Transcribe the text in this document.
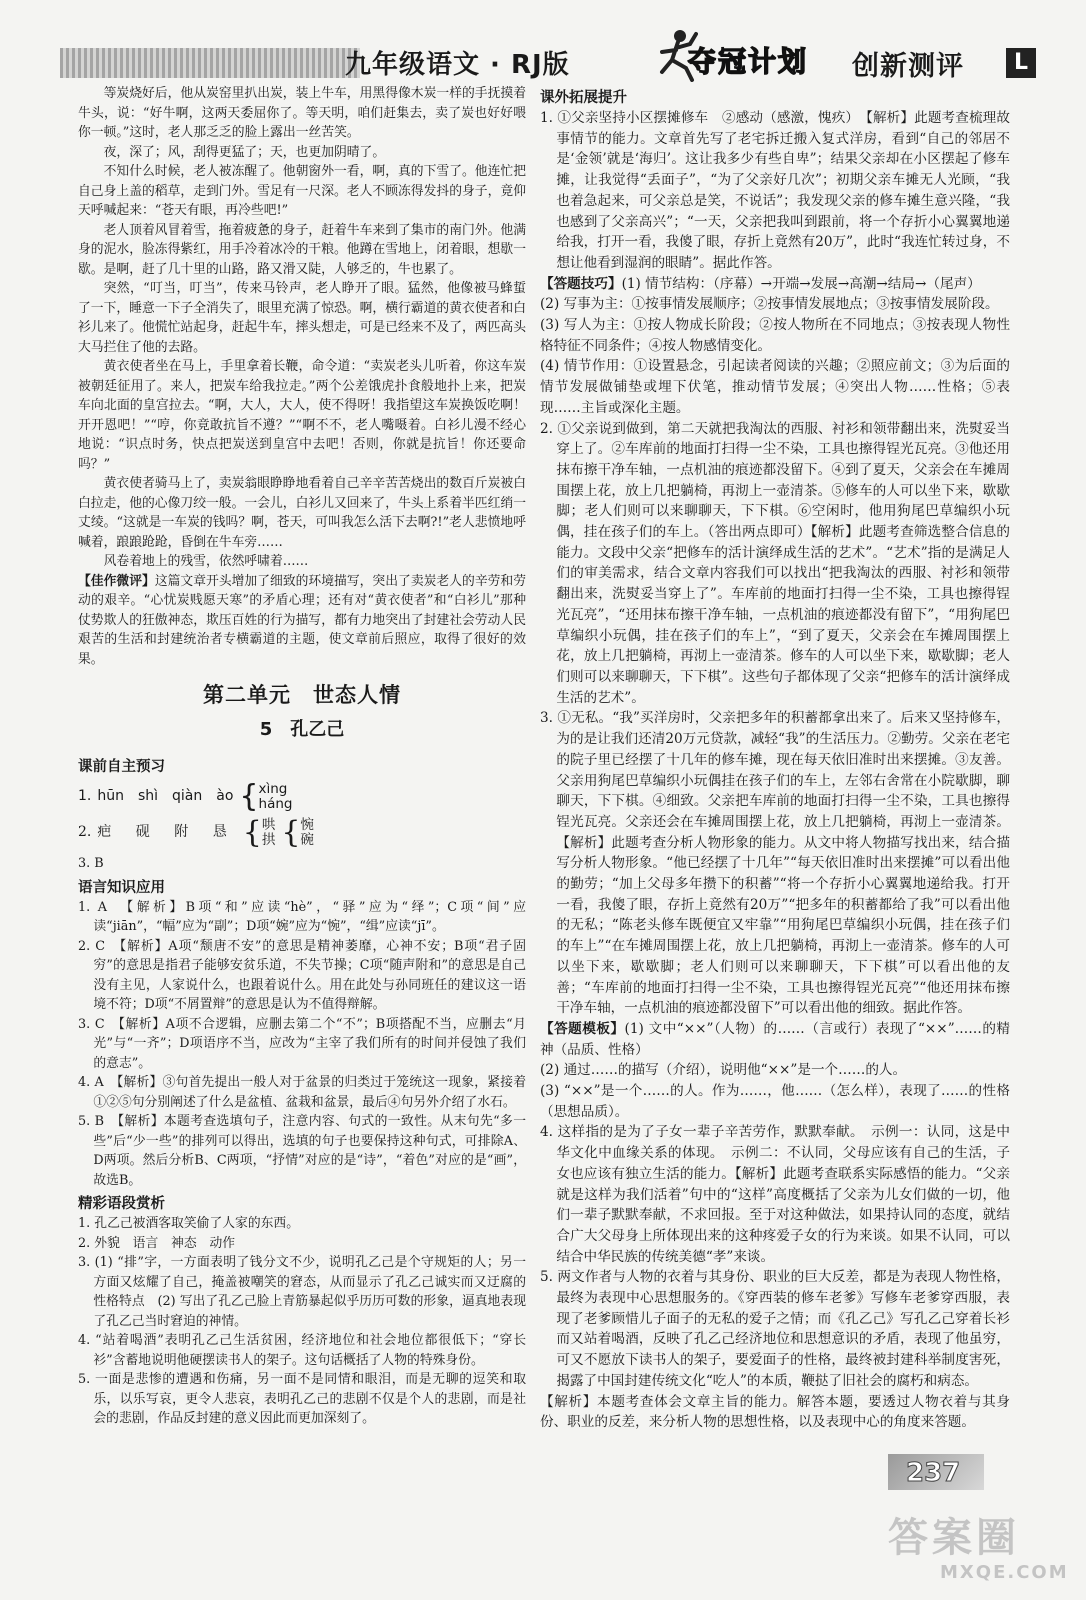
九年级语文 · RJ版	夺冠计划 创新测评	L

等炭烧好后，他从炭窑里扒出炭，装上牛车，用黑得像木炭一样的手抚摸着牛头，说：“好牛啊，这两天委屈你了。等天明，咱们赶集去，卖了炭也好好喂你一顿。”这时，老人那乏乏的脸上露出一丝苦笑。

夜，深了；风，刮得更猛了；天，也更加阴晴了。

不知什么时候，老人被冻醒了。他朝窗外一看，啊，真的下雪了。他连忙把自己身上盖的稻草，走到门外。雪足有一尺深。老人不顾冻得发抖的身子，竟仰天呼喊起来：“苍天有眼，再冷些吧!”

老人顶着风冒着雪，拖着疲惫的身子，赶着牛车来到了集市的南门外。他满身的泥水，脸冻得紫红，用手冷着冰冷的干粮。他蹲在雪地上，闭着眼，想歇一歇。是啊，赶了几十里的山路，路又滑又陡，人够乏的，牛也累了。

突然，“叮当，叮当”，传来马铃声，老人睁开了眼。猛然，他像被马蜂蜇了一下，睡意一下子全消失了，眼里充满了惊恐。啊，横行霸道的黄衣使者和白衫儿来了。他慌忙站起身，赶起牛车，摔头想走，可是已经来不及了，两匹高头大马拦住了他的去路。

黄衣使者坐在马上，手里拿着长鞭，命令道：“卖炭老头儿听着，你这车炭被朝廷征用了。来人，把炭车给我拉走。”两个公差饿虎扑食般地扑上来，把炭车向北面的皇宫拉去。“啊，大人，大人，使不得呀！我指望这车炭换饭吃啊！开开恩吧！”“哼，你竟敢抗旨不遵？”“啊不不，老人嘴嗫着。白衫儿漫不经心地说：“识点时务，快点把炭送到皇宫中去吧！否则，你就是抗旨！你还要命吗？”

黄衣使者骑马上了，卖炭翁眼睁睁地看着自己辛辛苦苦烧出的数百斤炭被白白拉走，他的心像刀绞一般。一会儿，白衫儿又回来了，牛头上系着半匹红绡一丈绫。“这就是一车炭的钱吗？啊，苍天，可叫我怎么活下去啊?!”老人悲愤地呼喊着，踉踉跄跄，昏倒在牛车旁……

风卷着地上的残雪，依然呼啸着……

【佳作微评】这篇文章开头增加了细致的环境描写，突出了卖炭老人的辛劳和劳动的艰辛。“心忧炭贱愿天寒”的矛盾心理；还有对“黄衣使者”和“白衫儿”那种仗势欺人的狂傲神态，欺压百姓的行为描写，都有力地突出了封建社会劳动人民艰苦的生活和封建统治者专横霸道的主题，使文章前后照应，取得了很好的效果。

第二单元　世态人情
5　孔乙己
课前自主预习
1. hūn　shì　qiàn　ào { xìng
háng
2. 疤 砚 附 恳 { 哄
拱 { 惋
碗

3. B

语言知识应用

1. A　【解析】B项“和”应读“hè”，“驿”应为“绎”；C项“间”应读“jiān”，“幅”应为“副”；D项“婉”应为“惋”，“缉”应读“jī”。

2. C　【解析】A项“颓唐不安”的意思是精神萎靡，心神不安；B项“君子固穷”的意思是指君子能够安贫乐道，不失节操；C项“随声附和”的意思是自己没有主见，人家说什么，也跟着说什么。用在此处与孙同班任的建议这一语境不符；D项“不屑置辩”的意思是认为不值得辩解。

3. C　【解析】A项不合逻辑，应删去第二个“不”；B项搭配不当，应删去“月光”与“一齐”；D项语序不当，应改为“主宰了我们所有的时间并侵蚀了我们的意志”。

4. A　【解析】③句首先提出一般人对于盆景的归类过于笼统这一现象，紧接着①②⑤句分别阐述了什么是盆植、盆栽和盆景，最后④句另外介绍了水石。

5. B　【解析】本题考查选填句子，注意内容、句式的一致性。从末句先“多一些”后“少一些”的排列可以得出，选填的句子也要保持这种句式，可排除A、D两项。然后分析B、C两项，“抒情”对应的是“诗”，“着色”对应的是“画”，故选B。

精彩语段赏析

1. 孔乙己被酒客取笑偷了人家的东西。

2. 外貌　语言　神态　动作

3. (1) “排”字，一方面表明了钱分文不少，说明孔乙己是个守规矩的人；另一方面又炫耀了自己，掩盖被嘲笑的窘态，从而显示了孔乙己诚实而又迂腐的性格特点　(2) 写出了孔乙己脸上青筋暴起似乎历历可数的形象，逼真地表现了孔乙己当时窘迫的神情。

4. “站着喝酒”表明孔乙己生活贫困，经济地位和社会地位都很低下；“穿长衫”含蓄地说明他硬摆读书人的架子。这句话概括了人物的特殊身份。

5. 一面是悲惨的遭遇和伤痛，另一面不是同情和眼泪，而是无聊的逗笑和取乐，以乐写哀，更令人悲哀，表明孔乙己的悲剧不仅是个人的悲剧，而是社会的悲剧，作品反封建的意义因此而更加深刻了。

课外拓展提升

1. ①父亲坚持小区摆摊修车　②感动（感激，愧疚）　【解析】此题考查梳理故事情节的能力。文章首先写了老宅拆迁搬入复式洋房，看到“自己的邻居不是‘金领’就是‘海归’。这让我多少有些自卑”；结果父亲却在小区摆起了修车摊，让我觉得“丢面子”，“为了父亲好几次”；初期父亲车摊无人光顾，“我也着急起来，可父亲总是笑，不说话”；我发现父亲的修车摊生意兴隆，“我也感到了父亲高兴”；“一天，父亲把我叫到跟前，将一个存折小心翼翼地递给我，打开一看，我傻了眼，存折上竟然有20万”，此时“我连忙转过身，不想让他看到湿润的眼睛”。据此作答。

【答题技巧】(1) 情节结构：（序幕）→开端→发展→高潮→结局→（尾声）

(2) 写事为主：①按事情发展顺序；②按事情发展地点；③按事情发展阶段。

(3) 写人为主：①按人物成长阶段；②按人物所在不同地点；③按表现人物性格特征不同条件；④按人物感情变化。

(4) 情节作用：①设置悬念，引起读者阅读的兴趣；②照应前文；③为后面的情节发展做铺垫或埋下伏笔，推动情节发展；④突出人物……性格；⑤表现……主旨或深化主题。

2. ①父亲说到做到，第二天就把我淘汰的西服、衬衫和领带翻出来，洗熨妥当穿上了。②车库前的地面打扫得一尘不染，工具也擦得锃光瓦亮。③他还用抹布擦干净车轴，一点机油的痕迹都没留下。④到了夏天，父亲会在车摊周围摆上花，放上几把躺椅，再沏上一壶清茶。⑤修车的人可以坐下来，歇歇脚；老人们则可以来聊聊天，下下棋。⑥空闲时，他用狗尾巴草编织小玩偶，挂在孩子们的车上。（答出两点即可）【解析】此题考查筛选整合信息的能力。文段中父亲“把修车的活计演绎成生活的艺术”。“艺术”指的是满足人们的审美需求，结合文章内容我们可以找出“把我淘汰的西服、衬衫和领带翻出来，洗熨妥当穿上了”。车库前的地面打扫得一尘不染，工具也擦得锃光瓦亮”，“还用抹布擦干净车轴，一点机油的痕迹都没有留下”，“用狗尾巴草编织小玩偶，挂在孩子们的车上”，“到了夏天，父亲会在车摊周围摆上花，放上几把躺椅，再沏上一壶清茶。修车的人可以坐下来，歇歇脚；老人们则可以来聊聊天，下下棋”。这些句子都体现了父亲“把修车的活计演绎成生活的艺术”。

3. ①无私。“我”买洋房时，父亲把多年的积蓄都拿出来了。后来又坚持修车，为的是让我们还清20万元贷款，减轻“我”的生活压力。②勤劳。父亲在老宅的院子里已经摆了十几年的修车摊，现在每天依旧准时出来摆摊。③友善。父亲用狗尾巴草编织小玩偶挂在孩子们的车上，左邻右舍常在小院歇脚，聊聊天，下下棋。④细致。父亲把车库前的地面打扫得一尘不染，工具也擦得锃光瓦亮。父亲还会在车摊周围摆上花，放上几把躺椅，再沏上一壶清茶。【解析】此题考查分析人物形象的能力。从文中将人物描写找出来，结合描写分析人物形象。“他已经摆了十几年”“每天依旧准时出来摆摊”可以看出他的勤劳；“加上父母多年攒下的积蓄”“将一个存折小心翼翼地递给我。打开一看，我傻了眼，存折上竟然有20万”“把多年的积蓄都给了我”可以看出他的无私；“陈老头修车既便宜又牢靠”“用狗尾巴草编织小玩偶，挂在孩子们的车上”“在车摊周围摆上花，放上几把躺椅，再沏上一壶清茶。修车的人可以坐下来，歇歇脚；老人们则可以来聊聊天，下下棋”可以看出他的友善；“车库前的地面打扫得一尘不染，工具也擦得锃光瓦亮”“他还用抹布擦干净车轴，一点机油的痕迹都没留下”可以看出他的细致。据此作答。

【答题模板】(1) 文中“××”（人物）的……（言或行）表现了“××”……的精神（品质、性格）

(2) 通过……的描写（介绍），说明他“××”是一个……的人。

(3) “××”是一个……的人。作为……，他……（怎么样），表现了……的性格（思想品质）。

4. 这样指的是为了子女一辈子辛苦劳作，默默奉献。　示例一：认同，这是中华文化中血缘关系的体现。　示例二：不认同，父母应该有自己的生活，子女也应该有独立生活的能力。【解析】此题考查联系实际感悟的能力。“父亲就是这样为我们活着”句中的“这样”高度概括了父亲为儿女们做的一切，他们一辈子默默奉献，不求回报。至于对这种做法，如果持认同的态度，就结合广大父母身上所体现出来的这种疼爱子女的行为来谈。如果不认同，可以结合中华民族的传统美德“孝”来谈。

5. 两文作者与人物的衣着与其身份、职业的巨大反差，都是为表现人物性格，最终为表现中心思想服务的。《穿西装的修车老爹》写修车老爹穿西服，表现了老爹顾惜儿子面子的无私的爱子之情；而《孔乙己》写孔乙己穿着长衫而又站着喝酒，反映了孔乙己经济地位和思想意识的矛盾，表现了他虽穷，可又不愿放下读书人的架子，要爱面子的性格，最终被封建科举制度害死，揭露了中国封建传统文化“吃人”的本质，鞭挞了旧社会的腐朽和病态。

【解析】本题考查体会文章主旨的能力。解答本题，要透过人物衣着与其身份、职业的反差，来分析人物的思想性格，以及表现中心的角度来答题。

237
答案圈
MXQE.COM
